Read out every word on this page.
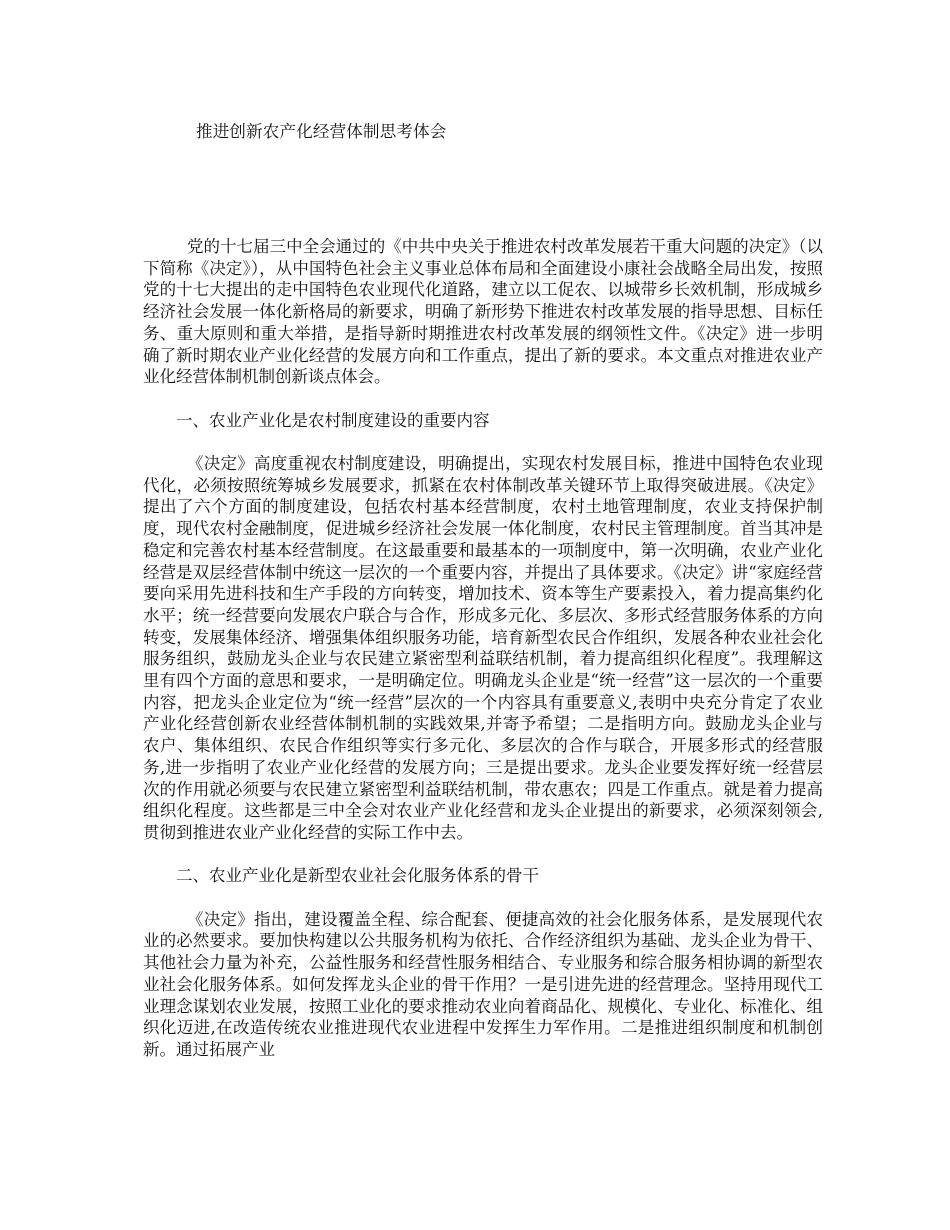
推进创新农产化经营体制思考体会

党的十七届三中全会通过的《中共中央关于推进农村改革发展若干重大问题的决定》（以下简称《决定》），从中国特色社会主义事业总体布局和全面建设小康社会战略全局出发，按照党的十七大提出的走中国特色农业现代化道路，建立以工促农、以城带乡长效机制，形成城乡经济社会发展一体化新格局的新要求，明确了新形势下推进农村改革发展的指导思想、目标任务、重大原则和重大举措，是指导新时期推进农村改革发展的纲领性文件。《决定》进一步明确了新时期农业产业化经营的发展方向和工作重点，提出了新的要求。本文重点对推进农业产业化经营体制机制创新谈点体会。

一、农业产业化是农村制度建设的重要内容

《决定》高度重视农村制度建设，明确提出，实现农村发展目标，推进中国特色农业现代化，必须按照统筹城乡发展要求，抓紧在农村体制改革关键环节上取得突破进展。《决定》提出了六个方面的制度建设，包括农村基本经营制度，农村土地管理制度，农业支持保护制度，现代农村金融制度，促进城乡经济社会发展一体化制度，农村民主管理制度。首当其冲是稳定和完善农村基本经营制度。在这最重要和最基本的一项制度中，第一次明确，农业产业化经营是双层经营体制中统这一层次的一个重要内容，并提出了具体要求。《决定》讲“家庭经营要向采用先进科技和生产手段的方向转变，增加技术、资本等生产要素投入，着力提高集约化水平；统一经营要向发展农户联合与合作，形成多元化、多层次、多形式经营服务体系的方向转变，发展集体经济、增强集体组织服务功能，培育新型农民合作组织，发展各种农业社会化服务组织，鼓励龙头企业与农民建立紧密型利益联结机制，着力提高组织化程度”。我理解这里有四个方面的意思和要求，一是明确定位。明确龙头企业是“统一经营”这一层次的一个重要内容，把龙头企业定位为“统一经营”层次的一个内容具有重要意义,表明中央充分肯定了农业产业化经营创新农业经营体制机制的实践效果,并寄予希望；二是指明方向。鼓励龙头企业与农户、集体组织、农民合作组织等实行多元化、多层次的合作与联合，开展多形式的经营服务,进一步指明了农业产业化经营的发展方向；三是提出要求。龙头企业要发挥好统一经营层次的作用就必须要与农民建立紧密型利益联结机制，带农惠农；四是工作重点。就是着力提高组织化程度。这些都是三中全会对农业产业化经营和龙头企业提出的新要求，必须深刻领会,贯彻到推进农业产业化经营的实际工作中去。

二、农业产业化是新型农业社会化服务体系的骨干

《决定》指出，建设覆盖全程、综合配套、便捷高效的社会化服务体系，是发展现代农业的必然要求。要加快构建以公共服务机构为依托、合作经济组织为基础、龙头企业为骨干、其他社会力量为补充，公益性服务和经营性服务相结合、专业服务和综合服务相协调的新型农业社会化服务体系。如何发挥龙头企业的骨干作用？一是引进先进的经营理念。坚持用现代工业理念谋划农业发展，按照工业化的要求推动农业向着商品化、规模化、专业化、标准化、组织化迈进,在改造传统农业推进现代农业进程中发挥生力军作用。二是推进组织制度和机制创新。通过拓展产业
